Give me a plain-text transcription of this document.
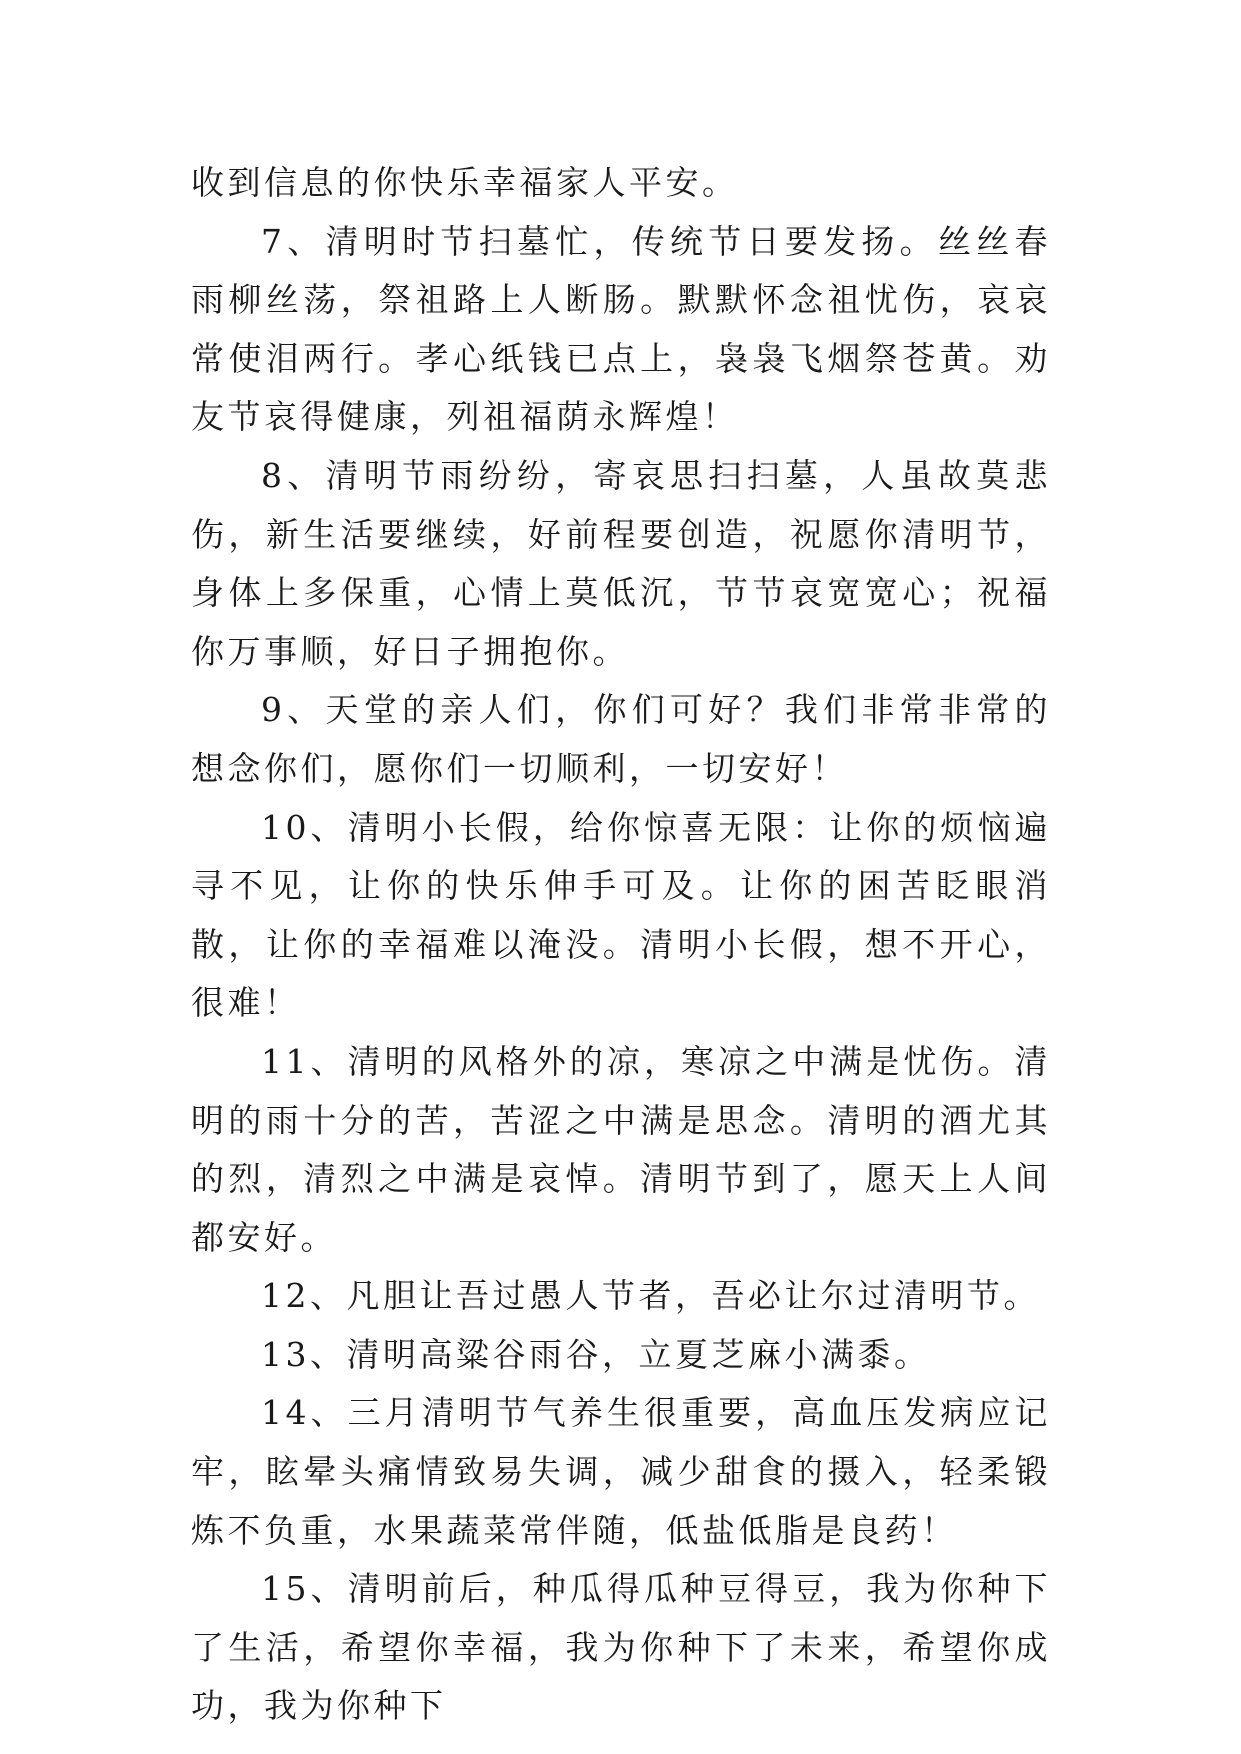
收到信息的你快乐幸福家人平安。

7、清明时节扫墓忙，传统节日要发扬。丝丝春雨柳丝荡，祭祖路上人断肠。默默怀念祖忧伤，哀哀常使泪两行。孝心纸钱已点上，袅袅飞烟祭苍黄。劝友节哀得健康，列祖福荫永辉煌！

8、清明节雨纷纷，寄哀思扫扫墓，人虽故莫悲伤，新生活要继续，好前程要创造，祝愿你清明节，身体上多保重，心情上莫低沉，节节哀宽宽心；祝福你万事顺，好日子拥抱你。

9、天堂的亲人们，你们可好？我们非常非常的想念你们，愿你们一切顺利，一切安好！

10、清明小长假，给你惊喜无限：让你的烦恼遍寻不见，让你的快乐伸手可及。让你的困苦眨眼消散，让你的幸福难以淹没。清明小长假，想不开心，很难！

11、清明的风格外的凉，寒凉之中满是忧伤。清明的雨十分的苦，苦涩之中满是思念。清明的酒尤其的烈，清烈之中满是哀悼。清明节到了，愿天上人间都安好。

12、凡胆让吾过愚人节者，吾必让尔过清明节。

13、清明高粱谷雨谷，立夏芝麻小满黍。

14、三月清明节气养生很重要，高血压发病应记牢，眩晕头痛情致易失调，减少甜食的摄入，轻柔锻炼不负重，水果蔬菜常伴随，低盐低脂是良药！

15、清明前后，种瓜得瓜种豆得豆，我为你种下了生活，希望你幸福，我为你种下了未来，希望你成功，我为你种下
